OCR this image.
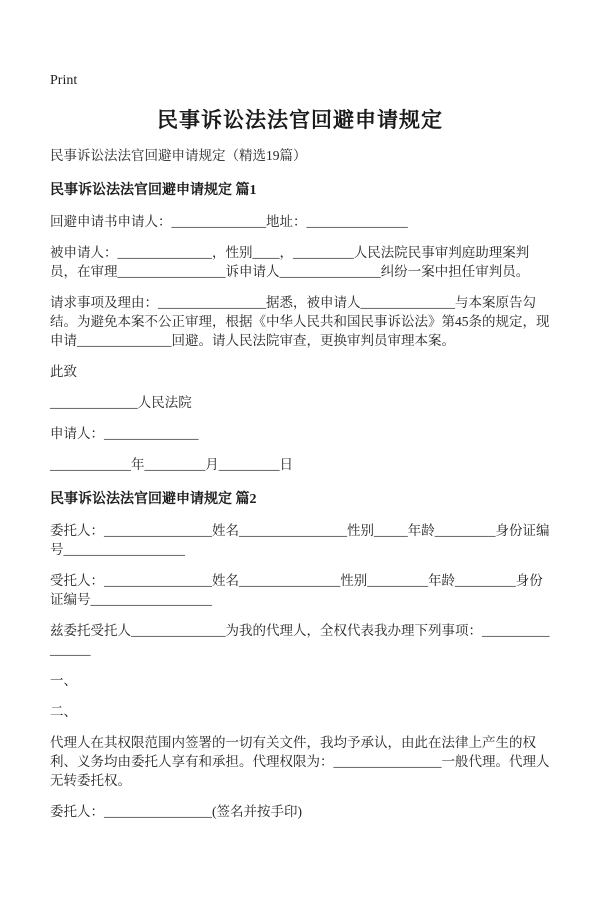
Print
民事诉讼法法官回避申请规定

民事诉讼法法官回避申请规定（精选19篇）

民事诉讼法法官回避申请规定 篇1

回避申请书申请人：______________地址：_______________

被申请人：______________，性别____，_________人民法院民事审判庭助理案判员，在审理________________诉申请人_______________纠纷一案中担任审判员。

请求事项及理由：________________据悉，被申请人______________与本案原告勾结。为避免本案不公正审理，根据《中华人民共和国民事诉讼法》第45条的规定，现申请______________回避。请人民法院审查，更换审判员审理本案。

此致

_____________人民法院

申请人：______________

____________年_________月_________日

民事诉讼法法官回避申请规定 篇2

委托人：________________姓名________________性别_____年龄_________身份证编号__________________

受托人：________________姓名_______________性别_________年龄_________身份证编号__________________

兹委托受托人______________为我的代理人，全权代表我办理下列事项：________________

一、

二、

代理人在其权限范围内签署的一切有关文件，我均予承认，由此在法律上产生的权利、义务均由委托人享有和承担。代理权限为：________________一般代理。代理人无转委托权。

委托人：________________(签名并按手印)
